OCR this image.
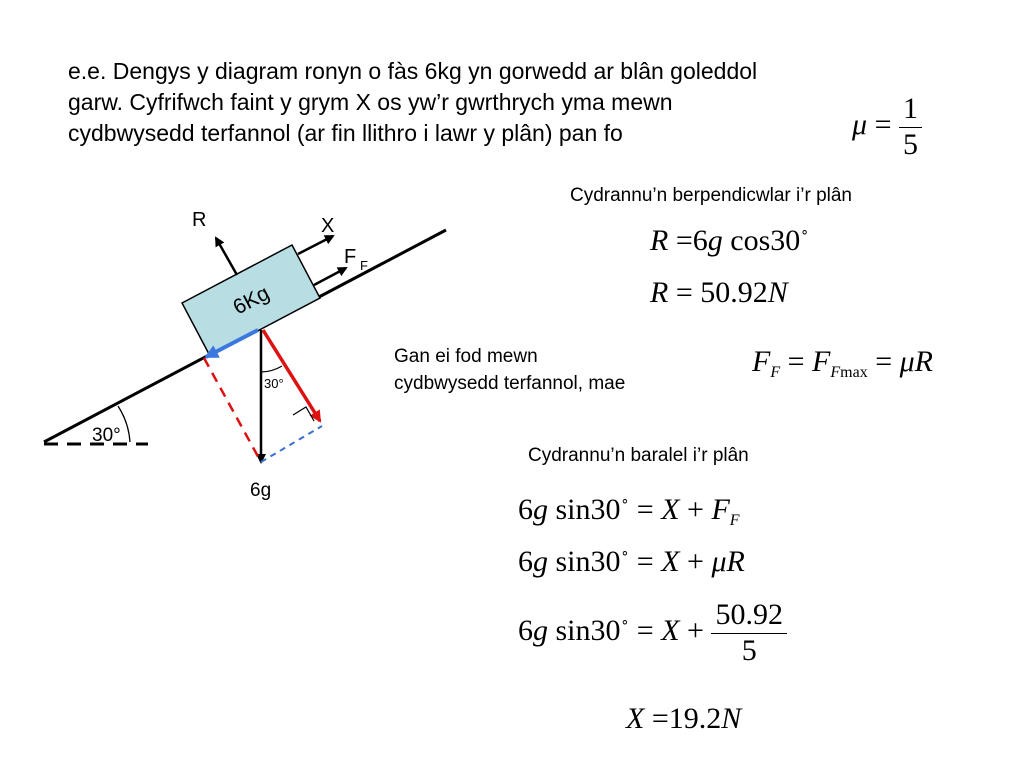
e.e. Dengys y diagram ronyn o fàs 6kg yn gorwedd ar blân goleddol
garw. Cyfrifwch faint y grym X os yw’r gwrthrych yma mewn
cydbwysedd terfannol (ar fin llithro i lawr y plân) pan fo	$\mu = \frac{1}{5}$
30°
6Kg
R	X
F F
6g
30°
Cydrannu’n berpendicwlar i’r plân
R =6g cos30∘
R = 50.92N
Gan ei fod mewn
cydbwysedd terfannol, mae
$F_F = F_{Fmax} = \mu R$
Cydrannu’n baralel i’r plân
6g $\sin 30^\circ = X + F_F$
6g sin30∘ = X + μR
6g $\sin 30^\circ = X + \frac{50.92}{5}$
X =19.2N
